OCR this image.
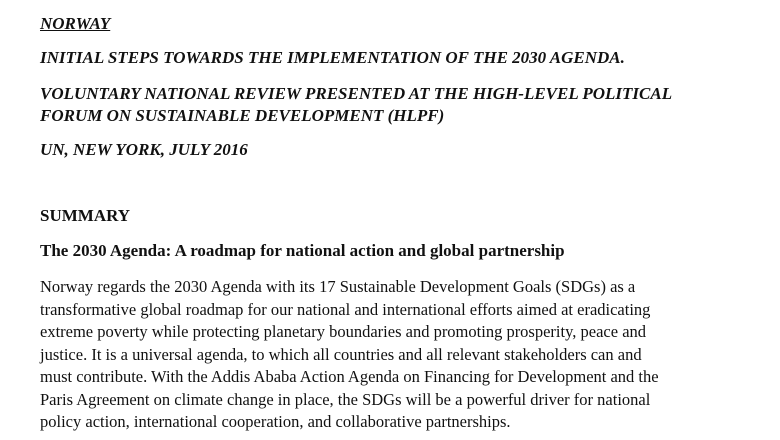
NORWAY

INITIAL STEPS TOWARDS THE IMPLEMENTATION OF THE 2030 AGENDA.

VOLUNTARY NATIONAL REVIEW PRESENTED AT THE HIGH-LEVEL POLITICAL

FORUM ON SUSTAINABLE DEVELOPMENT (HLPF)

UN, NEW YORK, JULY 2016

SUMMARY

The 2030 Agenda: A roadmap for national action and global partnership

Norway regards the 2030 Agenda with its 17 Sustainable Development Goals (SDGs) as a
transformative global roadmap for our national and international efforts aimed at eradicating
extreme poverty while protecting planetary boundaries and promoting prosperity, peace and
justice. It is a universal agenda, to which all countries and all relevant stakeholders can and
must contribute. With the Addis Ababa Action Agenda on Financing for Development and the
Paris Agreement on climate change in place, the SDGs will be a powerful driver for national
policy action, international cooperation, and collaborative partnerships.
